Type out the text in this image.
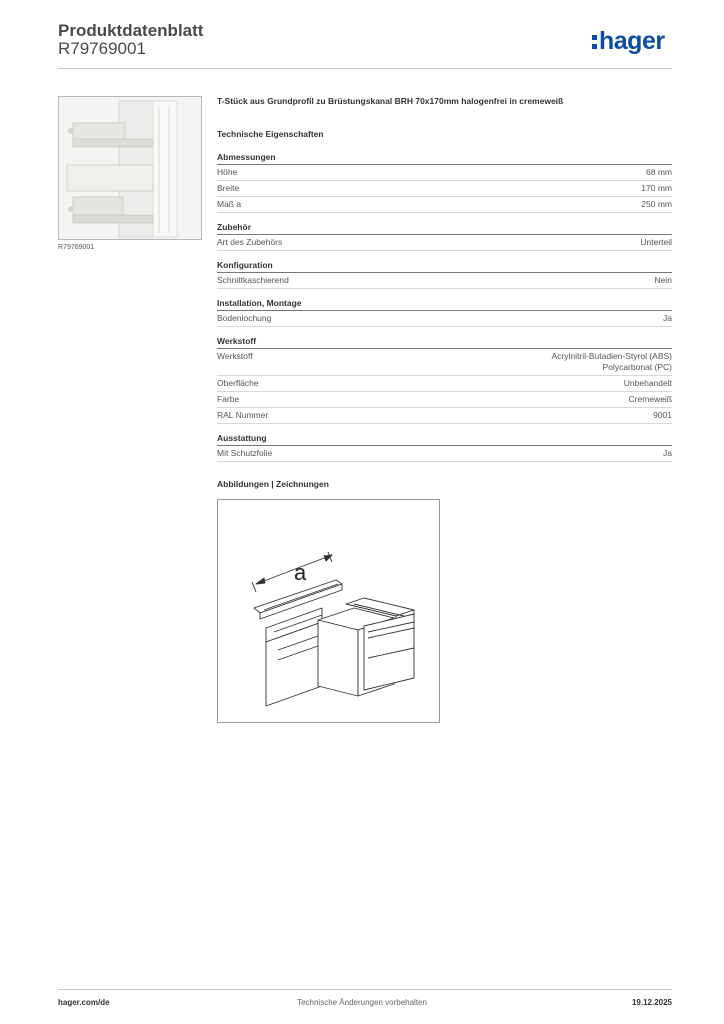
Produktdatenblatt
R79769001	hager
R79769001
T-Stück aus Grundprofil zu Brüstungskanal BRH 70x170mm halogenfrei in cremeweiß
Technische Eigenschaften
Abmessungen
Höhe	68 mm
Breite	170 mm
Maß a	250 mm
Zubehör
Art des Zubehörs	Unterteil
Konfiguration
Schnittkaschierend	Nein
Installation, Montage
Bodenlochung	Ja
Werkstoff
Werkstoff	Acrylnitril-Butadien-Styrol (ABS)
Polycarbonat (PC)
Oberfläche	Unbehandelt
Farbe	Cremeweiß
RAL Nummer	9001
Ausstattung
Mit Schutzfolie	Ja
Abbildungen | Zeichnungen
a
hager.com/de	Technische Änderungen vorbehalten	19.12.2025
